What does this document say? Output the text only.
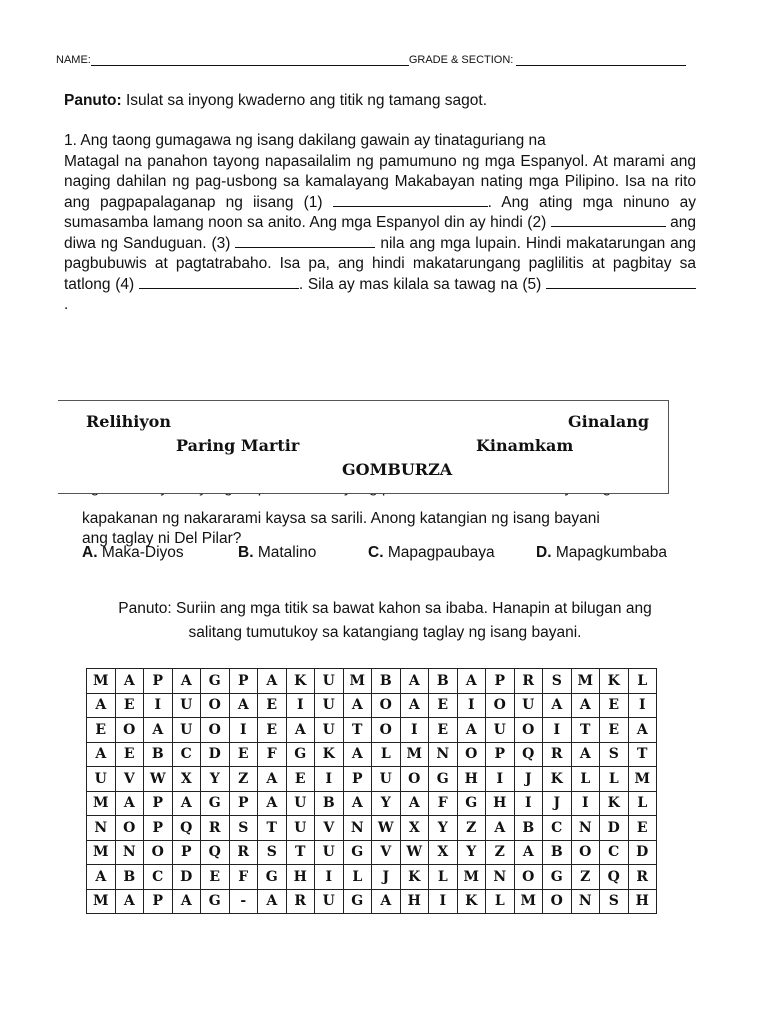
NAME:	GRADE & SECTION:
Panuto: Isulat sa inyong kwaderno ang titik ng tamang sagot.
1. Ang taong gumagawa ng isang dakilang gawain ay tinataguriang na
Matagal na panahon tayong napasailalim ng pamumuno ng mga Espanyol. At marami ang naging dahilan ng pag-usbong sa kamalayang Makabayan nating mga Pilipino. Isa na rito ang pagpapalaganap ng iisang (1)	. Ang ating mga ninuno ay sumasamba lamang noon sa anito. Ang mga Espanyol din ay hindi (2)	ang diwa ng Sanduguan. (3)	nila ang mga lupain. Hindi makatarungan ang pagbubuwis at pagtatrabaho. Isa pa, ang hindi makatarungang paglilitis at pagbitay sa tatlong (4)	. Sila ay mas kilala sa tawag na (5) .
Relihiyon	Ginalang
Paring Martir	Kinamkam
GOMBURZA
kapakanan ng nakararami kaysa sa sarili. Anong katangian ng isang bayani
ang taglay ni Del Pilar?
A. Maka-Diyos	B. Matalino	C. Mapagpaubaya	D. Mapagkumbaba
Panuto: Suriin ang mga titik sa bawat kahon sa ibaba. Hanapin at bilugan ang
salitang tumutukoy sa katangiang taglay ng isang bayani.
M	A	P	A	G	P	A	K	U	M	B	A	B	A	P	R	S	M	K	L
A	E	I	U	O	A	E	I	U	A	O	A	E	I	O	U	A	A	E	I
E	O	A	U	O	I	E	A	U	T	O	I	E	A	U	O	I	T	E	A
A	E	B	C	D	E	F	G	K	A	L	M	N	O	P	Q	R	A	S	T
U	V	W	X	Y	Z	A	E	I	P	U	O	G	H	I	J	K	L	L	M
M	A	P	A	G	P	A	U	B	A	Y	A	F	G	H	I	J	I	K	L
N	O	P	Q	R	S	T	U	V	N	W	X	Y	Z	A	B	C	N	D	E
M	N	O	P	Q	R	S	T	U	G	V	W	X	Y	Z	A	B	O	C	D
A	B	C	D	E	F	G	H	I	L	J	K	L	M	N	O	G	Z	Q	R
M	A	P	A	G	-	A	R	U	G	A	H	I	K	L	M	O	N	S	H
